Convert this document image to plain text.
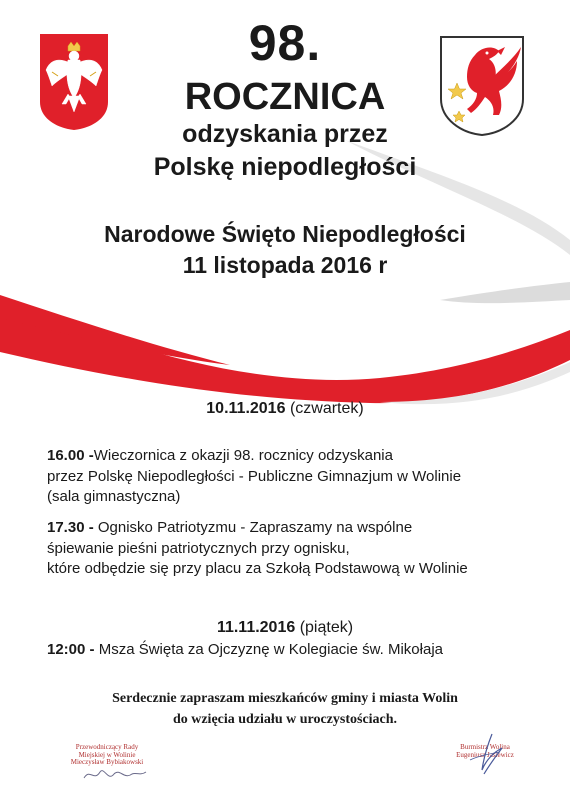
98.
ROCZNICA
odzyskania przez
Polskę niepodległości
Narodowe Święto Niepodległości
11 listopada 2016 r
10.11.2016 (czwartek)
16.00 -Wieczornica z okazji 98. rocznicy odzyskania
przez Polskę Niepodległości - Publiczne Gimnazjum w Wolinie
(sala gimnastyczna)
17.30 - Ognisko Patriotyzmu - Zapraszamy na wspólne
śpiewanie pieśni patriotycznych przy ognisku,
które odbędzie się przy placu za Szkołą Podstawową w Wolinie
11.11.2016 (piątek)
12:00 - Msza Święta za Ojczyznę w Kolegiacie św. Mikołaja
Serdecznie zapraszam mieszkańców gminy i miasta Wolin
do wzięcia udziału w uroczystościach.
Przewodniczący Rady
Miejskiej w Wolinie
Mieczysław Bybiakowski
Burmistrz Wolina
Eugeniusz Jasiewicz
